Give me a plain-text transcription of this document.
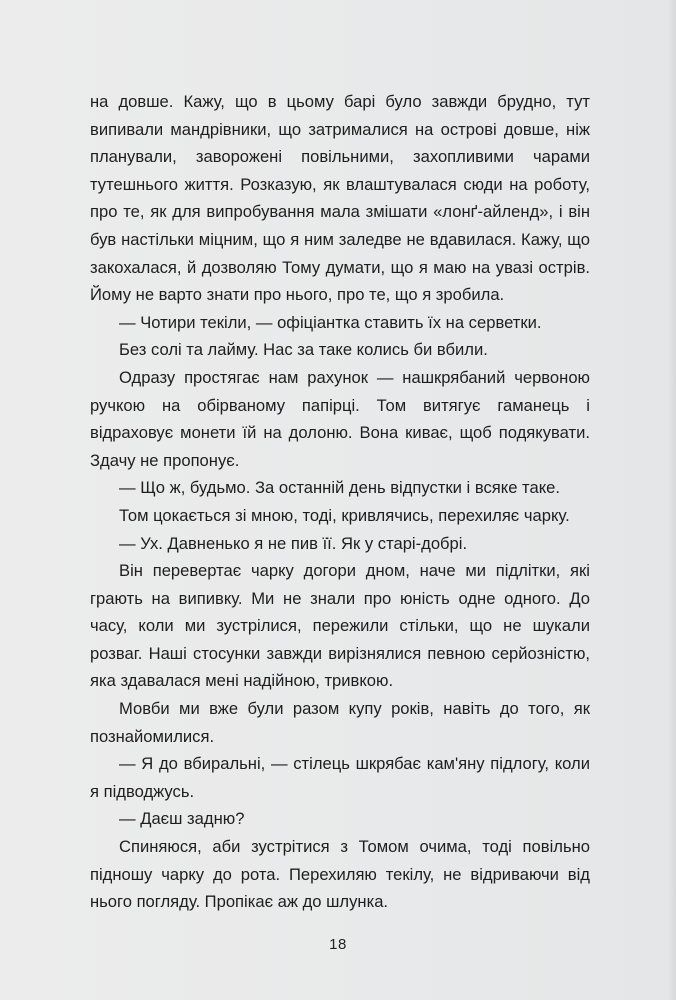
на довше. Кажу, що в цьому барі було завжди брудно, тут випивали мандрівники, що затрималися на острові довше, ніж планували, заворожені повільними, захопливими чарами тутешнього життя. Розказую, як влаштувалася сюди на роботу, про те, як для випробування мала змішати «лонґ-айленд», і він був настільки міцним, що я ним заледве не вдавилася. Кажу, що закохалася, й дозволяю Тому думати, що я маю на увазі острів. Йому не варто знати про нього, про те, що я зробила.

— Чотири текіли, — офіціантка ставить їх на серветки.

Без солі та лайму. Нас за таке колись би вбили.

Одразу простягає нам рахунок — нашкрябаний червоною ручкою на обірваному папірці. Том витягує гаманець і відраховує монети їй на долоню. Вона киває, щоб подякувати. Здачу не пропонує.

— Що ж, будьмо. За останній день відпустки і всяке таке.

Том цокається зі мною, тоді, кривлячись, перехиляє чарку.

— Ух. Давненько я не пив її. Як у старі-добрі.

Він перевертає чарку догори дном, наче ми підлітки, які грають на випивку. Ми не знали про юність одне одного. До часу, коли ми зустрілися, пережили стільки, що не шукали розваг. Наші стосунки завжди вирізнялися певною серйозністю, яка здавалася мені надійною, тривкою.

Мовби ми вже були разом купу років, навіть до того, як познайомилися.

— Я до вбиральні, — стілець шкрябає кам'яну підлогу, коли я підводжусь.

— Даєш задню?

Спиняюся, аби зустрітися з Томом очима, тоді повільно підношу чарку до рота. Перехиляю текілу, не відриваючи від нього погляду. Пропікає аж до шлунка.

18
